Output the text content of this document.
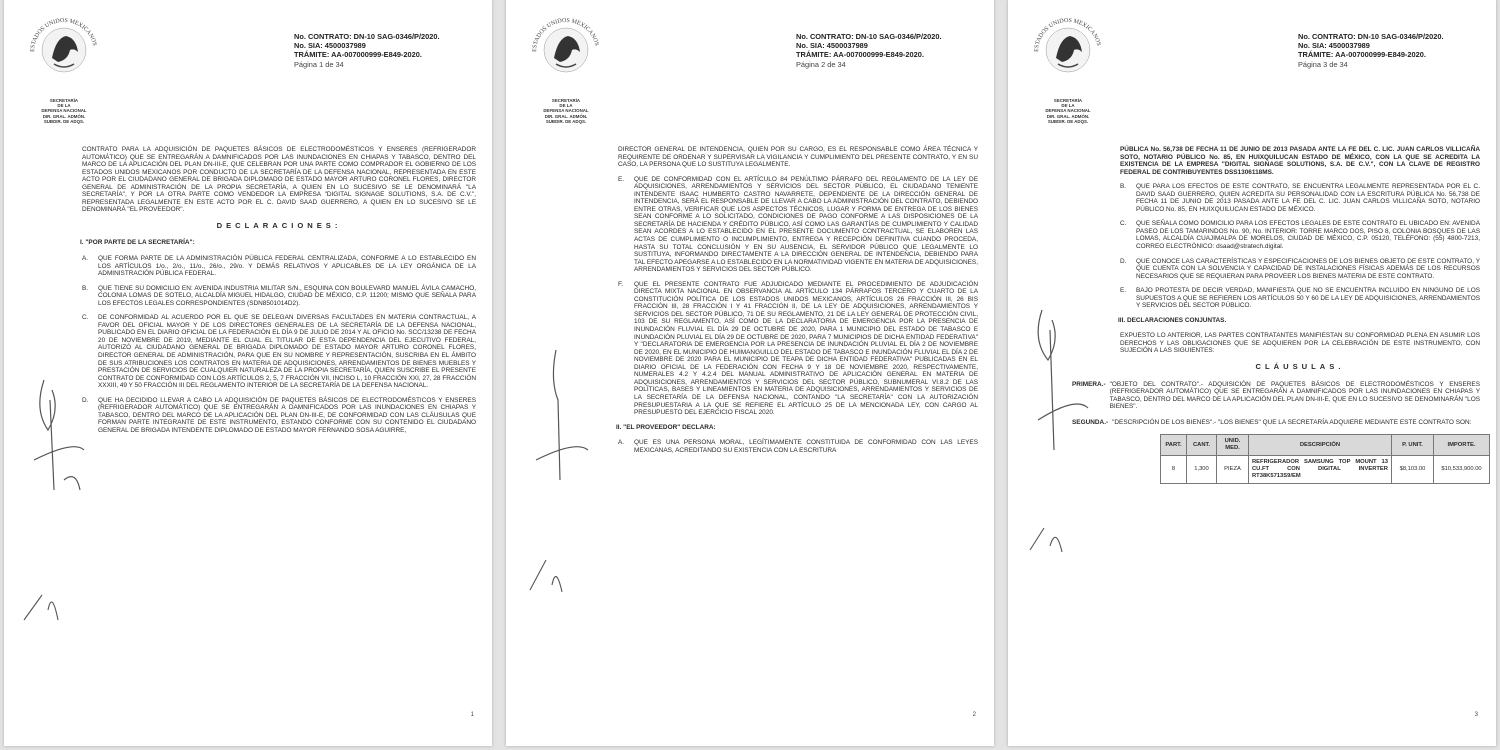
ESTADOS UNIDOS MEXICANOS
SECRETARÍA
DE LA
DEFENSA NACIONAL
DIR. GRAL. ADMÓN.
SUBDIR. DE ADQS.
No. CONTRATO: DN-10 SAG-0346/P/2020.
No. SIA: 4500037989
TRÁMITE: AA-007000999-E849-2020.
Página 1 de 34

CONTRATO PARA LA ADQUISICIÓN DE PAQUETES BÁSICOS DE ELECTRODOMÉSTICOS Y ENSERES (REFRIGERADOR AUTOMÁTICO) QUE SE ENTREGARÁN A DAMNIFICADOS POR LAS INUNDACIONES EN CHIAPAS Y TABASCO, DENTRO DEL MARCO DE LA APLICACIÓN DEL PLAN DN-III-E, QUE CELEBRAN POR UNA PARTE COMO COMPRADOR EL GOBIERNO DE LOS ESTADOS UNIDOS MEXICANOS POR CONDUCTO DE LA SECRETARÍA DE LA DEFENSA NACIONAL, REPRESENTADA EN ESTE ACTO POR EL CIUDADANO GENERAL DE BRIGADA DIPLOMADO DE ESTADO MAYOR ARTURO CORONEL FLORES, DIRECTOR GENERAL DE ADMINISTRACIÓN DE LA PROPIA SECRETARÍA, A QUIEN EN LO SUCESIVO SE LE DENOMINARÁ "LA SECRETARÍA", Y POR LA OTRA PARTE COMO VENDEDOR LA EMPRESA "DIGITAL SIGNAGE SOLUTIONS, S.A. DE C.V.", REPRESENTADA LEGALMENTE EN ESTE ACTO POR EL C. DAVID SAAD GUERRERO, A QUIEN EN LO SUCESIVO SE LE DENOMINARÁ "EL PROVEEDOR".

DECLARACIONES:
I. "POR PARTE DE LA SECRETARÍA":
A.	QUE FORMA PARTE DE LA ADMINISTRACIÓN PÚBLICA FEDERAL CENTRALIZADA, CONFORME A LO ESTABLECIDO EN LOS ARTÍCULOS 1/o., 2/o., 11/o., 26/o., 29/o. Y DEMÁS RELATIVOS Y APLICABLES DE LA LEY ORGÁNICA DE LA ADMINISTRACIÓN PÚBLICA FEDERAL.
B.	QUE TIENE SU DOMICILIO EN: AVENIDA INDUSTRIA MILITAR S/N., ESQUINA CON BOULEVARD MANUEL ÁVILA CAMACHO, COLONIA LOMAS DE SOTELO, ALCALDÍA MIGUEL HIDALGO, CIUDAD DE MÉXICO, C.P. 11200; MISMO QUE SEÑALA PARA LOS EFECTOS LEGALES CORRESPONDIENTES (SDN8501014D2).
C.	DE CONFORMIDAD AL ACUERDO POR EL QUE SE DELEGAN DIVERSAS FACULTADES EN MATERIA CONTRACTUAL, A FAVOR DEL OFICIAL MAYOR Y DE LOS DIRECTORES GENERALES DE LA SECRETARÍA DE LA DEFENSA NACIONAL, PUBLICADO EN EL DIARIO OFICIAL DE LA FEDERACIÓN EL DÍA 9 DE JULIO DE 2014 Y AL OFICIO No. SCC/13238 DE FECHA 20 DE NOVIEMBRE DE 2019, MEDIANTE EL CUAL EL TITULAR DE ESTA DEPENDENCIA DEL EJECUTIVO FEDERAL, AUTORIZÓ AL CIUDADANO GENERAL DE BRIGADA DIPLOMADO DE ESTADO MAYOR ARTURO CORONEL FLORES, DIRECTOR GENERAL DE ADMINISTRACIÓN, PARA QUE EN SU NOMBRE Y REPRESENTACIÓN, SUSCRIBA EN EL ÁMBITO DE SUS ATRIBUCIONES LOS CONTRATOS EN MATERIA DE ADQUISICIONES, ARRENDAMIENTOS DE BIENES MUEBLES Y PRESTACIÓN DE SERVICIOS DE CUALQUIER NATURALEZA DE LA PROPIA SECRETARÍA, QUIEN SUSCRIBE EL PRESENTE CONTRATO DE CONFORMIDAD CON LOS ARTÍCULOS 2, 5, 7 FRACCIÓN VII, INCISO L, 10 FRACCIÓN XXI, 27, 28 FRACCIÓN XXXIII, 49 Y 50 FRACCIÓN III DEL REGLAMENTO INTERIOR DE LA SECRETARÍA DE LA DEFENSA NACIONAL.
D.	QUE HA DECIDIDO LLEVAR A CABO LA ADQUISICIÓN DE PAQUETES BÁSICOS DE ELECTRODOMÉSTICOS Y ENSERES (REFRIGERADOR AUTOMÁTICO) QUE SE ENTREGARÁN A DAMNIFICADOS POR LAS INUNDACIONES EN CHIAPAS Y TABASCO, DENTRO DEL MARCO DE LA APLICACIÓN DEL PLAN DN-III-E, DE CONFORMIDAD CON LAS CLÁUSULAS QUE FORMAN PARTE INTEGRANTE DE ESTE INSTRUMENTO, ESTANDO CONFORME CON SU CONTENIDO EL CIUDADANO GENERAL DE BRIGADA INTENDENTE DIPLOMADO DE ESTADO MAYOR FERNANDO SOSA AGUIRRE,
1
ESTADOS UNIDOS MEXICANOS
SECRETARÍA
DE LA
DEFENSA NACIONAL
DIR. GRAL. ADMÓN.
SUBDIR. DE ADQS.
No. CONTRATO: DN-10 SAG-0346/P/2020.
No. SIA: 4500037989
TRÁMITE: AA-007000999-E849-2020.
Página 2 de 34

DIRECTOR GENERAL DE INTENDENCIA, QUIEN POR SU CARGO, ES EL RESPONSABLE COMO ÁREA TÉCNICA Y REQUIRENTE DE ORDENAR Y SUPERVISAR LA VIGILANCIA Y CUMPLIMIENTO DEL PRESENTE CONTRATO, Y EN SU CASO, LA PERSONA QUE LO SUSTITUYA LEGALMENTE.

E.	QUE DE CONFORMIDAD CON EL ARTÍCULO 84 PENÚLTIMO PÁRRAFO DEL REGLAMENTO DE LA LEY DE ADQUISICIONES, ARRENDAMIENTOS Y SERVICIOS DEL SECTOR PÚBLICO, EL CIUDADANO TENIENTE INTENDENTE ISAAC HUMBERTO CASTRO NAVARRETE, DEPENDIENTE DE LA DIRECCIÓN GENERAL DE INTENDENCIA, SERÁ EL RESPONSABLE DE LLEVAR A CABO LA ADMINISTRACIÓN DEL CONTRATO, DEBIENDO ENTRE OTRAS, VERIFICAR QUE LOS ASPECTOS TÉCNICOS, LUGAR Y FORMA DE ENTREGA DE LOS BIENES SEAN CONFORME A LO SOLICITADO, CONDICIONES DE PAGO CONFORME A LAS DISPOSICIONES DE LA SECRETARÍA DE HACIENDA Y CRÉDITO PÚBLICO, ASÍ COMO LAS GARANTÍAS DE CUMPLIMIENTO Y CALIDAD SEAN ACORDES A LO ESTABLECIDO EN EL PRESENTE DOCUMENTO CONTRACTUAL, SE ELABOREN LAS ACTAS DE CUMPLIMIENTO O INCUMPLIMIENTO, ENTREGA Y RECEPCIÓN DEFINITIVA CUANDO PROCEDA, HASTA SU TOTAL CONCLUSIÓN Y EN SU AUSENCIA, EL SERVIDOR PÚBLICO QUE LEGALMENTE LO SUSTITUYA, INFORMANDO DIRECTAMENTE A LA DIRECCIÓN GENERAL DE INTENDENCIA, DEBIENDO PARA TAL EFECTO APEGARSE A LO ESTABLECIDO EN LA NORMATIVIDAD VIGENTE EN MATERIA DE ADQUISICIONES, ARRENDAMIENTOS Y SERVICIOS DEL SECTOR PÚBLICO.
F.	QUE EL PRESENTE CONTRATO FUE ADJUDICADO MEDIANTE EL PROCEDIMIENTO DE ADJUDICACIÓN DIRECTA MIXTA NACIONAL EN OBSERVANCIA AL ARTÍCULO 134 PÁRRAFOS TERCERO Y CUARTO DE LA CONSTITUCIÓN POLÍTICA DE LOS ESTADOS UNIDOS MEXICANOS, ARTÍCULOS 26 FRACCIÓN III, 26 BIS FRACCIÓN III, 28 FRACCIÓN I Y 41 FRACCIÓN II, DE LA LEY DE ADQUISICIONES, ARRENDAMIENTOS Y SERVICIOS DEL SECTOR PÚBLICO, 71 DE SU REGLAMENTO, 21 DE LA LEY GENERAL DE PROTECCIÓN CIVIL, 103 DE SU REGLAMENTO, ASÍ COMO DE LA DECLARATORIA DE EMERGENCIA POR LA PRESENCIA DE INUNDACIÓN FLUVIAL EL DÍA 29 DE OCTUBRE DE 2020, PARA 1 MUNICIPIO DEL ESTADO DE TABASCO E INUNDACIÓN PLUVIAL EL DÍA 29 DE OCTUBRE DE 2020, PARA 7 MUNICIPIOS DE DICHA ENTIDAD FEDERATIVA" Y "DECLARATORIA DE EMERGENCIA POR LA PRESENCIA DE INUNDACIÓN PLUVIAL EL DÍA 2 DE NOVIEMBRE DE 2020, EN EL MUNICIPIO DE HUIMANGUILLO DEL ESTADO DE TABASCO E INUNDACIÓN FLUVIAL EL DÍA 2 DE NOVIEMBRE DE 2020 PARA EL MUNICIPIO DE TEAPA DE DICHA ENTIDAD FEDERATIVA" PUBLICADAS EN EL DIARIO OFICIAL DE LA FEDERACIÓN CON FECHA 9 Y 18 DE NOVIEMBRE 2020, RESPECTIVAMENTE, NUMERALES 4.2 Y 4.2.4 DEL MANUAL ADMINISTRATIVO DE APLICACIÓN GENERAL EN MATERIA DE ADQUISICIONES, ARRENDAMIENTOS Y SERVICIOS DEL SECTOR PÚBLICO, SUBNUMERAL VI.8.2 DE LAS POLÍTICAS, BASES Y LINEAMIENTOS EN MATERIA DE ADQUISICIONES, ARRENDAMIENTOS Y SERVICIOS DE LA SECRETARÍA DE LA DEFENSA NACIONAL, CONTANDO "LA SECRETARÍA" CON LA AUTORIZACIÓN PRESUPUESTARIA A LA QUE SE REFIERE EL ARTÍCULO 25 DE LA MENCIONADA LEY, CON CARGO AL PRESUPUESTO DEL EJERCICIO FISCAL 2020.
II. "EL PROVEEDOR" DECLARA:
A.	QUE ES UNA PERSONA MORAL, LEGÍTIMAMENTE CONSTITUIDA DE CONFORMIDAD CON LAS LEYES MEXICANAS, ACREDITANDO SU EXISTENCIA CON LA ESCRITURA
2
ESTADOS UNIDOS MEXICANOS
SECRETARÍA
DE LA
DEFENSA NACIONAL
DIR. GRAL. ADMÓN.
SUBDIR. DE ADQS.
No. CONTRATO: DN-10 SAG-0346/P/2020.
No. SIA: 4500037989
TRÁMITE: AA-007000999-E849-2020.
Página 3 de 34

PÚBLICA No. 56,738 DE FECHA 11 DE JUNIO DE 2013 PASADA ANTE LA FE DEL C. LIC. JUAN CARLOS VILLICAÑA SOTO, NOTARIO PÚBLICO No. 85, EN HUIXQUILUCAN ESTADO DE MÉXICO, CON LA QUE SE ACREDITA LA EXISTENCIA DE LA EMPRESA "DIGITAL SIGNAGE SOLUTIONS, S.A. DE C.V.", CON LA CLAVE DE REGISTRO FEDERAL DE CONTRIBUYENTES DSS1306118MS.

B.	QUE PARA LOS EFECTOS DE ESTE CONTRATO, SE ENCUENTRA LEGALMENTE REPRESENTADA POR EL C. DAVID SAAD GUERRERO, QUIEN ACREDITA SU PERSONALIDAD CON LA ESCRITURA PÚBLICA No. 56,738 DE FECHA 11 DE JUNIO DE 2013 PASADA ANTE LA FE DEL C. LIC. JUAN CARLOS VILLICAÑA SOTO, NOTARIO PÚBLICO No. 85, EN HUIXQUILUCAN ESTADO DE MÉXICO.
C.	QUE SEÑALA COMO DOMICILIO PARA LOS EFECTOS LEGALES DE ESTE CONTRATO EL UBICADO EN: AVENIDA PASEO DE LOS TAMARINDOS No. 90, No. INTERIOR: TORRE MARCO DOS, PISO 8, COLONIA BOSQUES DE LAS LOMAS, ALCALDÍA CUAJIMALPA DE MORELOS, CIUDAD DE MÉXICO, C.P. 05120, TELÉFONO: (55) 4800-7213, CORREO ELECTRÓNICO: dsaad@stratech.digital.
D.	QUE CONOCE LAS CARACTERÍSTICAS Y ESPECIFICACIONES DE LOS BIENES OBJETO DE ESTE CONTRATO, Y QUE CUENTA CON LA SOLVENCIA Y CAPACIDAD DE INSTALACIONES FÍSICAS ADEMÁS DE LOS RECURSOS NECESARIOS QUE SE REQUIERAN PARA PROVEER LOS BIENES MATERIA DE ESTE CONTRATO.
E.	BAJO PROTESTA DE DECIR VERDAD, MANIFIESTA QUE NO SE ENCUENTRA INCLUIDO EN NINGUNO DE LOS SUPUESTOS A QUE SE REFIEREN LOS ARTÍCULOS 50 Y 60 DE LA LEY DE ADQUISICIONES, ARRENDAMIENTOS Y SERVICIOS DEL SECTOR PÚBLICO.
III. DECLARACIONES CONJUNTAS.

EXPUESTO LO ANTERIOR, LAS PARTES CONTRATANTES MANIFIESTAN SU CONFORMIDAD PLENA EN ASUMIR LOS DERECHOS Y LAS OBLIGACIONES QUE SE ADQUIEREN POR LA CELEBRACIÓN DE ESTE INSTRUMENTO, CON SUJECIÓN A LAS SIGUIENTES:

CLÁUSULAS.
PRIMERA.- "OBJETO DEL CONTRATO".- ADQUISICIÓN DE PAQUETES BÁSICOS DE ELECTRODOMÉSTICOS Y ENSERES (REFRIGERADOR AUTOMÁTICO) QUE SE ENTREGARÁN A DAMNIFICADOS POR LAS INUNDACIONES EN CHIAPAS Y TABASCO, DENTRO DEL MARCO DE LA APLICACIÓN DEL PLAN DN-III-E, QUE EN LO SUCESIVO SE DENOMINARÁN "LOS BIENES".
SEGUNDA.- "DESCRIPCIÓN DE LOS BIENES".- "LOS BIENES" QUE LA SECRETARÍA ADQUIERE MEDIANTE ESTE CONTRATO SON:
PART.	CANT.	UNID. MED.	DESCRIPCIÓN	P. UNIT.	IMPORTE.
8	1,300	PIEZA	REFRIGERADOR SAMSUNG TOP MOUNT 13 CU.FT CON DIGITAL INVERTER RT38K5713S9/EM	$8,103.00	$10,533,900.00
3
